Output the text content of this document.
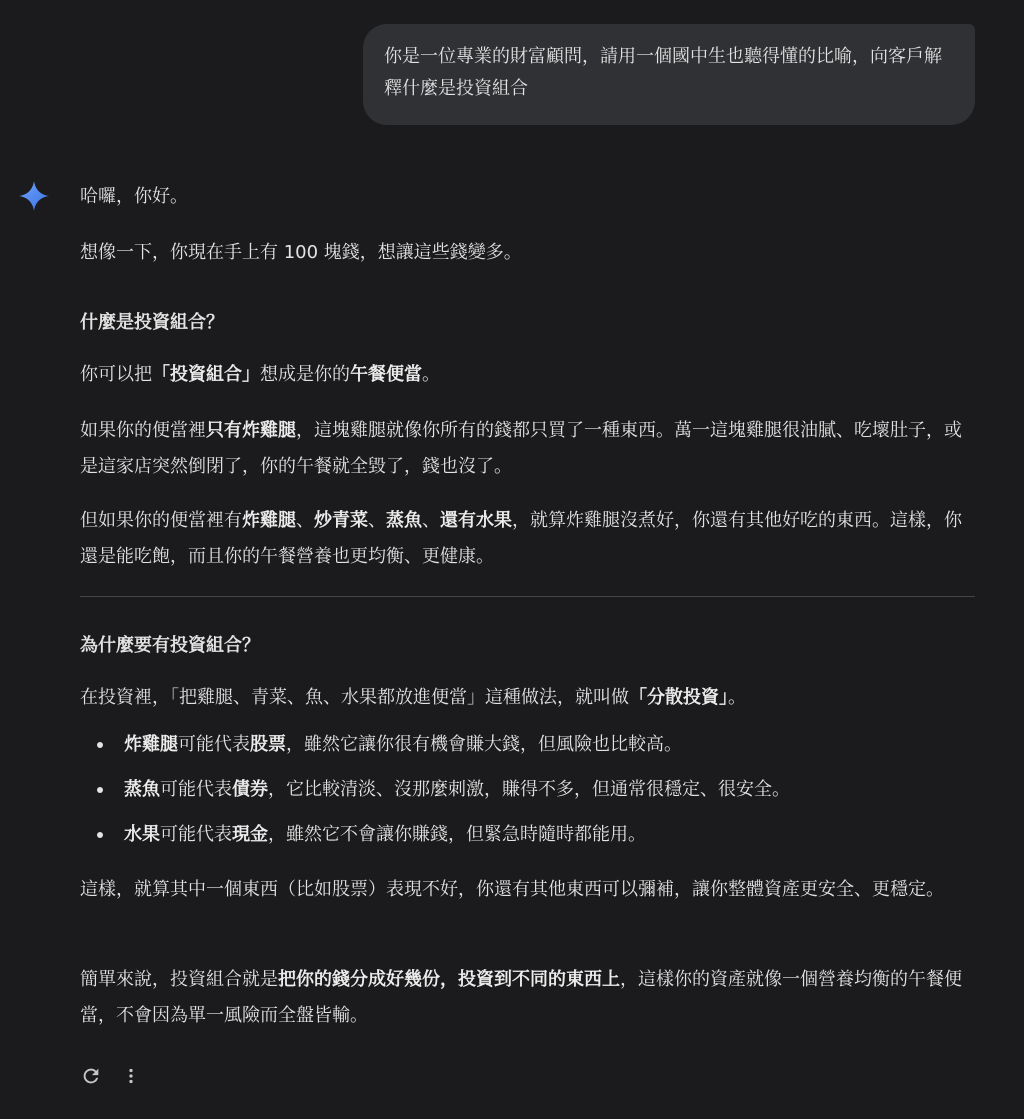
你是一位專業的財富顧問，請用一個國中生也聽得懂的比喻，向客戶解釋什麼是投資組合

哈囉，你好。

想像一下，你現在手上有 100 塊錢，想讓這些錢變多。

什麼是投資組合？

你可以把「投資組合」想成是你的午餐便當。

如果你的便當裡只有炸雞腿，這塊雞腿就像你所有的錢都只買了一種東西。萬一這塊雞腿很油膩、吃壞肚子，或是這家店突然倒閉了，你的午餐就全毀了，錢也沒了。

但如果你的便當裡有炸雞腿、炒青菜、蒸魚、還有水果，就算炸雞腿沒煮好，你還有其他好吃的東西。這樣，你還是能吃飽，而且你的午餐營養也更均衡、更健康。

為什麼要有投資組合？

在投資裡，「把雞腿、青菜、魚、水果都放進便當」這種做法，就叫做「分散投資」。

這樣，就算其中一個東西（比如股票）表現不好，你還有其他東西可以彌補，讓你整體資產更安全、更穩定。

簡單來說，投資組合就是把你的錢分成好幾份，投資到不同的東西上，這樣你的資產就像一個營養均衡的午餐便當，不會因為單一風險而全盤皆輸。

炸雞腿可能代表股票，雖然它讓你很有機會賺大錢，但風險也比較高。
蒸魚可能代表債券，它比較清淡、沒那麼刺激，賺得不多，但通常很穩定、很安全。
水果可能代表現金，雖然它不會讓你賺錢，但緊急時隨時都能用。
